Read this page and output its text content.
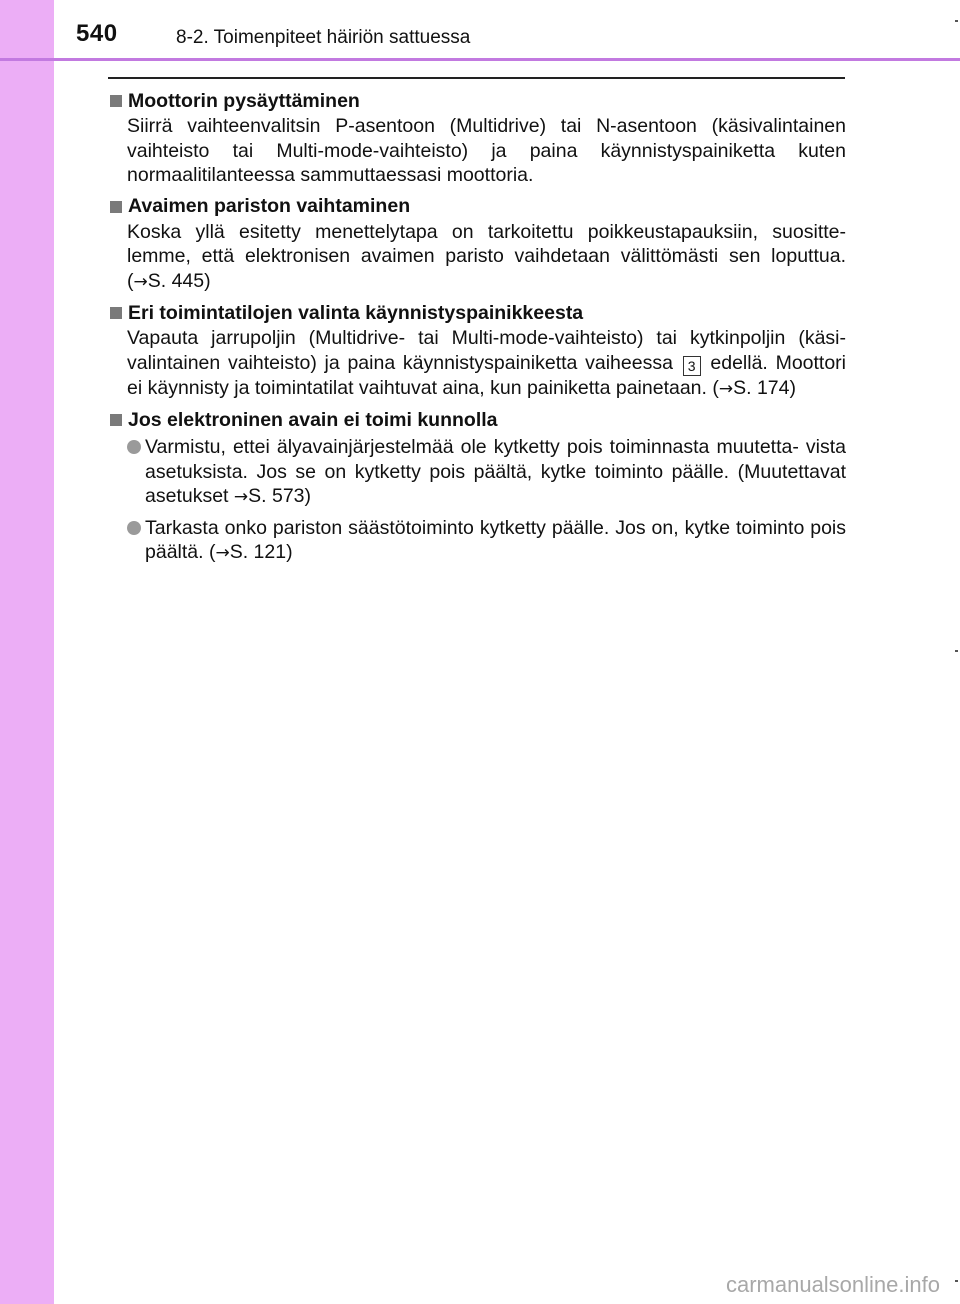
540	8-2. Toimenpiteet häiriön sattuessa
Moottorin pysäyttäminen
Siirrä vaihteenvalitsin P-asentoon (Multidrive) tai N-asentoon (käsivalintainen vaihteisto tai Multi-mode-vaihteisto) ja paina käynnistyspainiketta kuten normaalitilanteessa sammuttaessasi moottoria.
Avaimen pariston vaihtaminen
Koska yllä esitetty menettelytapa on tarkoitettu poikkeustapauksiin, suositte- lemme, että elektronisen avaimen paristo vaihdetaan välittömästi sen loputtua. (→S. 445)
Eri toimintatilojen valinta käynnistyspainikkeesta
Vapauta jarrupoljin (Multidrive- tai Multi-mode-vaihteisto) tai kytkinpoljin (käsi- valintainen vaihteisto) ja paina käynnistyspainiketta vaiheessa 3 edellä. Moottori ei käynnisty ja toimintatilat vaihtuvat aina, kun painiketta painetaan. (→S. 174)
Jos elektroninen avain ei toimi kunnolla
Varmistu, ettei älyavainjärjestelmää ole kytketty pois toiminnasta muutetta- vista asetuksista. Jos se on kytketty pois päältä, kytke toiminto päälle. (Muutettavat asetukset →S. 573)
Tarkasta onko pariston säästötoiminto kytketty päälle. Jos on, kytke toiminto pois päältä. (→S. 121)
carmanualsonline.info
